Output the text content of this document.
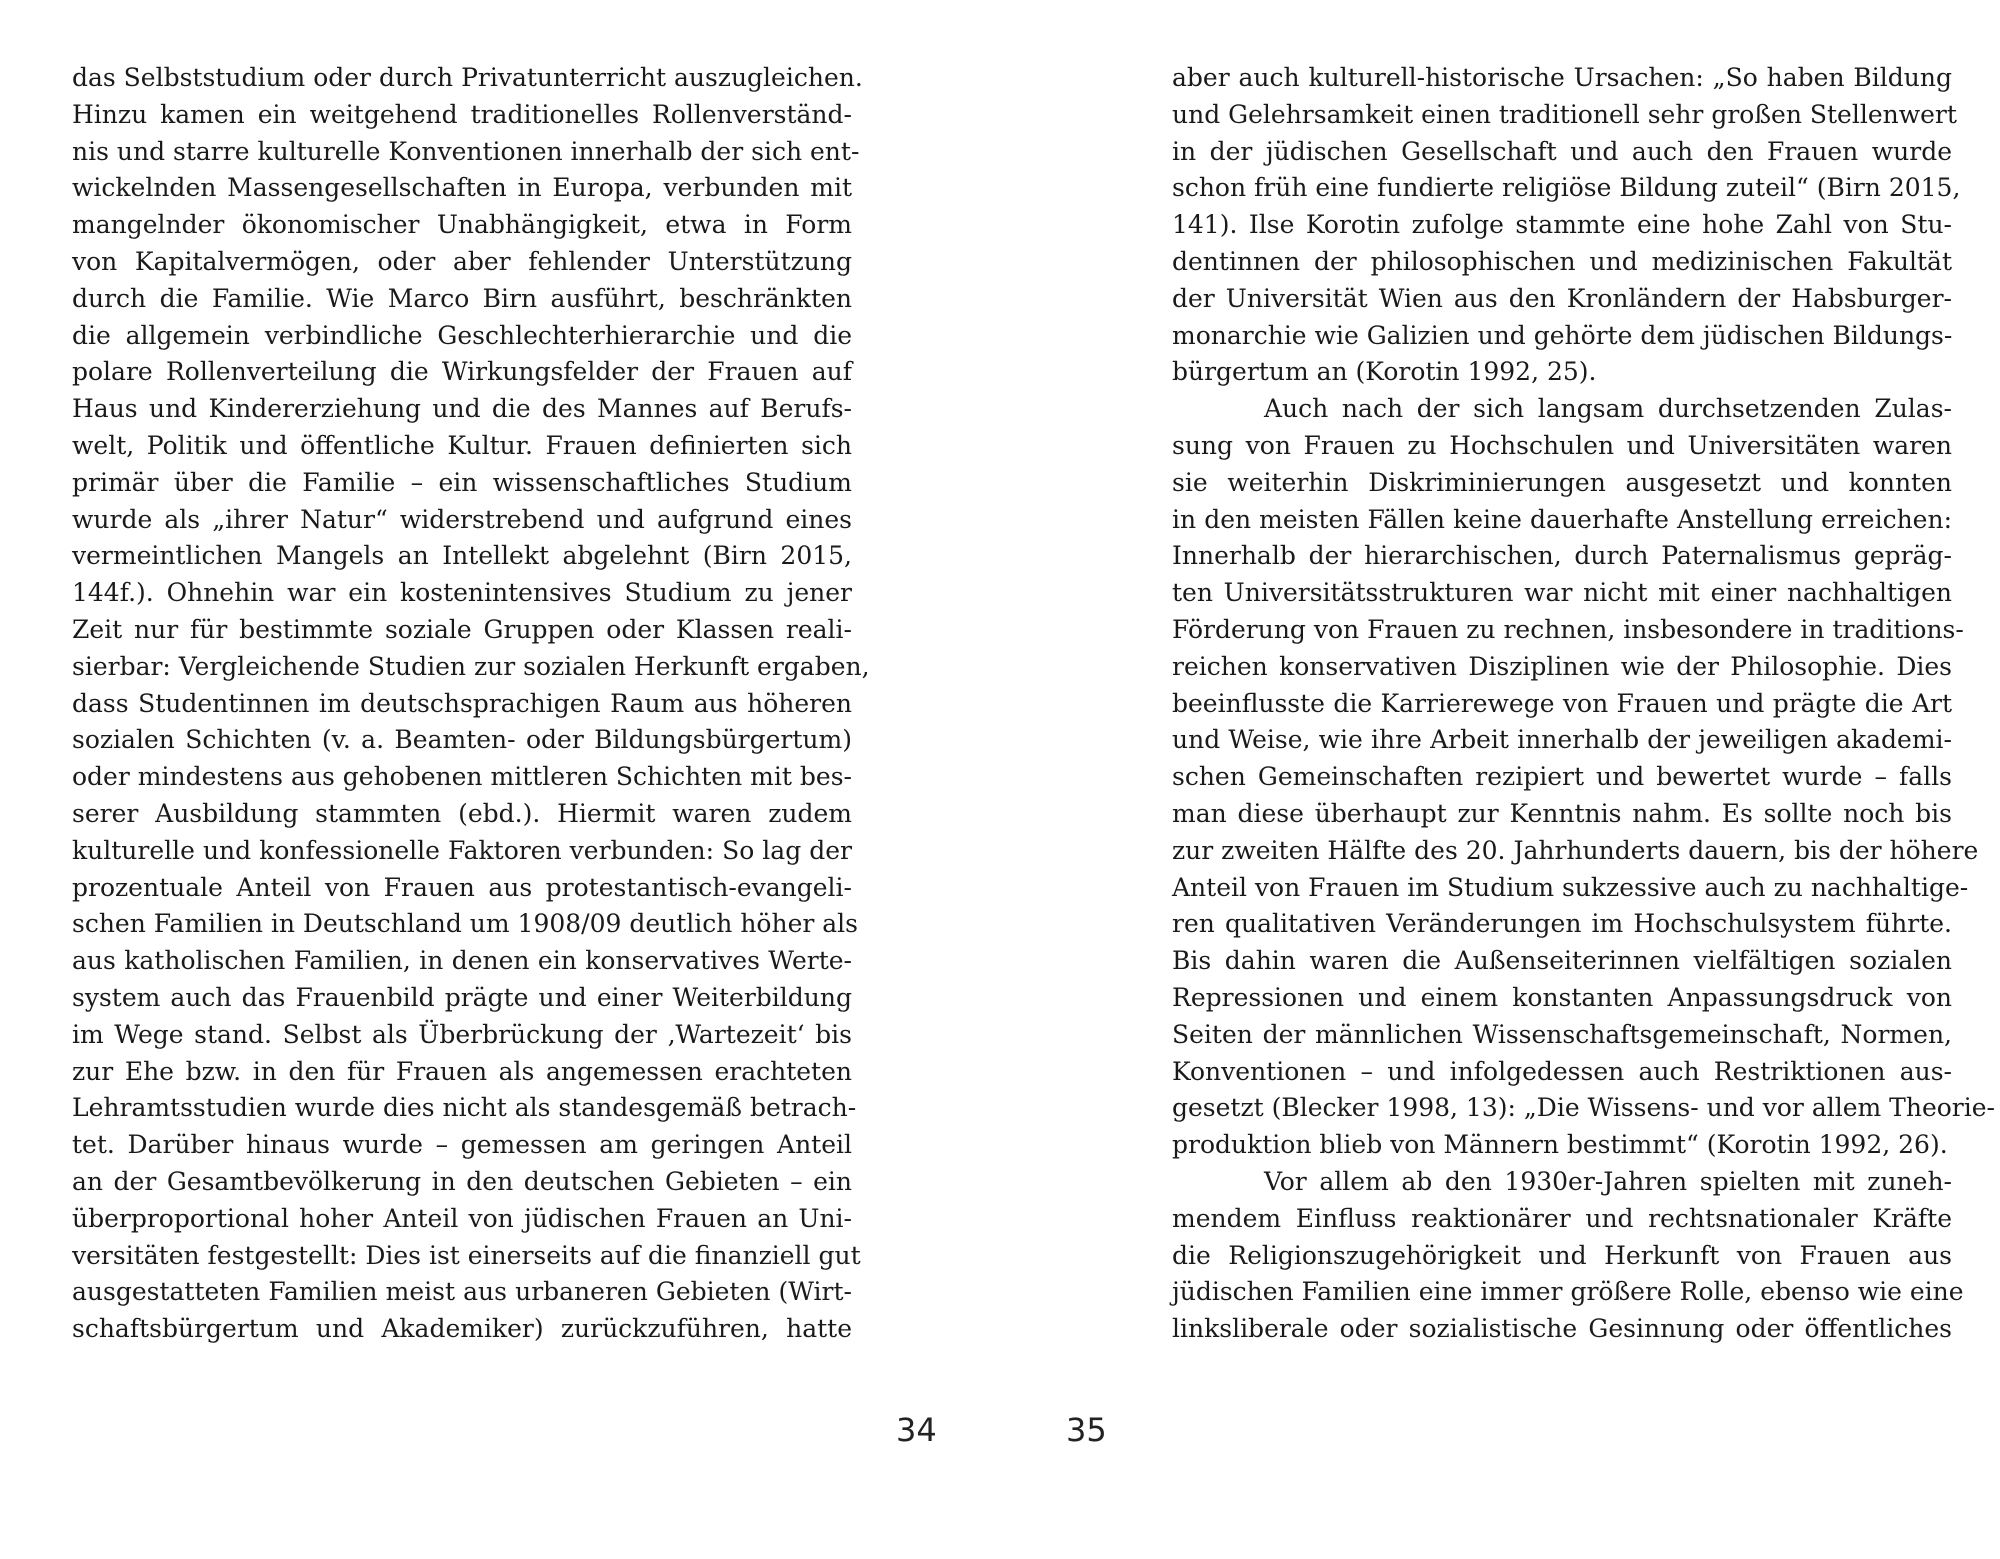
das Selbststudium oder durch Privatunterricht auszugleichen.
Hinzu kamen ein weitgehend traditionelles Rollenverständ-
nis und starre kulturelle Konventionen innerhalb der sich ent-
wickelnden Massengesellschaften in Europa, verbunden mit
mangelnder ökonomischer Unabhängigkeit, etwa in Form
von Kapitalvermögen, oder aber fehlender Unterstützung
durch die Familie. Wie Marco Birn ausführt, beschränkten
die allgemein verbindliche Geschlechterhierarchie und die
polare Rollenverteilung die Wirkungsfelder der Frauen auf
Haus und Kindererziehung und die des Mannes auf Berufs-
welt, Politik und öffentliche Kultur. Frauen definierten sich
primär über die Familie – ein wissenschaftliches Studium
wurde als „ihrer Natur“ widerstrebend und aufgrund eines
vermeintlichen Mangels an Intellekt abgelehnt (Birn 2015,
144f.). Ohnehin war ein kostenintensives Studium zu jener
Zeit nur für bestimmte soziale Gruppen oder Klassen reali-
sierbar: Vergleichende Studien zur sozialen Herkunft ergaben,
dass Studentinnen im deutschsprachigen Raum aus höheren
sozialen Schichten (v. a. Beamten- oder Bildungsbürgertum)
oder mindestens aus gehobenen mittleren Schichten mit bes-
serer Ausbildung stammten (ebd.). Hiermit waren zudem
kulturelle und konfessionelle Faktoren verbunden: So lag der
prozentuale Anteil von Frauen aus protestantisch-evangeli-
schen Familien in Deutschland um 1908/09 deutlich höher als
aus katholischen Familien, in denen ein konservatives Werte-
system auch das Frauenbild prägte und einer Weiterbildung
im Wege stand. Selbst als Überbrückung der ‚Wartezeit‘ bis
zur Ehe bzw. in den für Frauen als angemessen erachteten
Lehramtsstudien wurde dies nicht als standesgemäß betrach-
tet. Darüber hinaus wurde – gemessen am geringen Anteil
an der Gesamtbevölkerung in den deutschen Gebieten – ein
überproportional hoher Anteil von jüdischen Frauen an Uni-
versitäten festgestellt: Dies ist einerseits auf die finanziell gut
ausgestatteten Familien meist aus urbaneren Gebieten (Wirt-
schaftsbürgertum und Akademiker) zurückzuführen, hatte
aber auch kulturell-historische Ursachen: „So haben Bildung
und Gelehrsamkeit einen traditionell sehr großen Stellenwert
in der jüdischen Gesellschaft und auch den Frauen wurde
schon früh eine fundierte religiöse Bildung zuteil“ (Birn 2015,
141). Ilse Korotin zufolge stammte eine hohe Zahl von Stu-
dentinnen der philosophischen und medizinischen Fakultät
der Universität Wien aus den Kronländern der Habsburger-
monarchie wie Galizien und gehörte dem jüdischen Bildungs-
bürgertum an (Korotin 1992, 25).
Auch nach der sich langsam durchsetzenden Zulas-
sung von Frauen zu Hochschulen und Universitäten waren
sie weiterhin Diskriminierungen ausgesetzt und konnten
in den meisten Fällen keine dauerhafte Anstellung erreichen:
Innerhalb der hierarchischen, durch Paternalismus gepräg-
ten Universitätsstrukturen war nicht mit einer nachhaltigen
Förderung von Frauen zu rechnen, insbesondere in traditions-
reichen konservativen Disziplinen wie der Philosophie. Dies
beeinflusste die Karrierewege von Frauen und prägte die Art
und Weise, wie ihre Arbeit innerhalb der jeweiligen akademi-
schen Gemeinschaften rezipiert und bewertet wurde – falls
man diese überhaupt zur Kenntnis nahm. Es sollte noch bis
zur zweiten Hälfte des 20. Jahrhunderts dauern, bis der höhere
Anteil von Frauen im Studium sukzessive auch zu nachhaltige-
ren qualitativen Veränderungen im Hochschulsystem führte.
Bis dahin waren die Außenseiterinnen vielfältigen sozialen
Repressionen und einem konstanten Anpassungsdruck von
Seiten der männlichen Wissenschaftsgemeinschaft, Normen,
Konventionen – und infolgedessen auch Restriktionen aus-
gesetzt (Blecker 1998, 13): „Die Wissens- und vor allem Theorie-
produktion blieb von Männern bestimmt“ (Korotin 1992, 26).
Vor allem ab den 1930er-Jahren spielten mit zuneh-
mendem Einfluss reaktionärer und rechtsnationaler Kräfte
die Religionszugehörigkeit und Herkunft von Frauen aus
jüdischen Familien eine immer größere Rolle, ebenso wie eine
linksliberale oder sozialistische Gesinnung oder öffentliches
34	35
